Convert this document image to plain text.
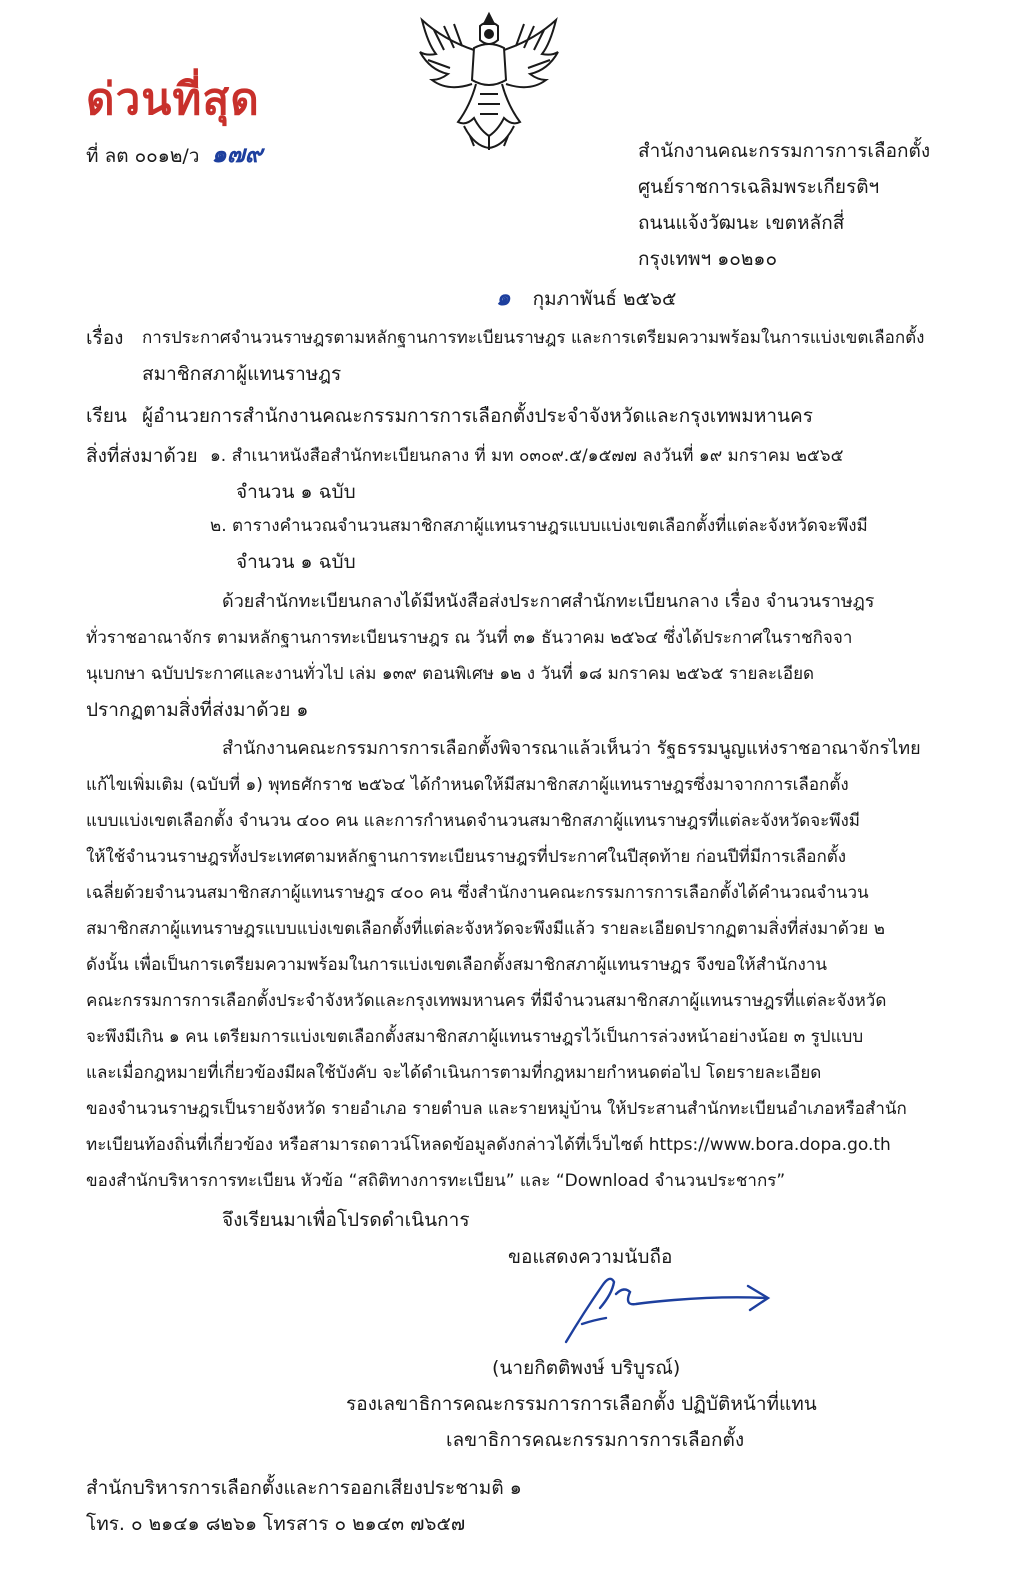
ด่วนที่สุด
ที่ ลต ๐๐๑๒/ว ๑๗๙	สำนักงานคณะกรรมการการเลือกตั้ง
ศูนย์ราชการเฉลิมพระเกียรติฯ
ถนนแจ้งวัฒนะ เขตหลักสี่
กรุงเทพฯ ๑๐๒๑๐
๑ กุมภาพันธ์ ๒๕๖๕
เรื่อง การประกาศจำนวนราษฎรตามหลักฐานการทะเบียนราษฎร และการเตรียมความพร้อมในการแบ่งเขตเลือกตั้ง
สมาชิกสภาผู้แทนราษฎร
เรียน ผู้อำนวยการสำนักงานคณะกรรมการการเลือกตั้งประจำจังหวัดและกรุงเทพมหานคร
สิ่งที่ส่งมาด้วย ๑. สำเนาหนังสือสำนักทะเบียนกลาง ที่ มท ๐๓๐๙.๕/๑๕๗๗ ลงวันที่ ๑๙ มกราคม ๒๕๖๕
จำนวน ๑ ฉบับ
๒. ตารางคำนวณจำนวนสมาชิกสภาผู้แทนราษฎรแบบแบ่งเขตเลือกตั้งที่แต่ละจังหวัดจะพึงมี
จำนวน ๑ ฉบับ
ด้วยสำนักทะเบียนกลางได้มีหนังสือส่งประกาศสำนักทะเบียนกลาง เรื่อง จำนวนราษฎร
ทั่วราชอาณาจักร ตามหลักฐานการทะเบียนราษฎร ณ วันที่ ๓๑ ธันวาคม ๒๕๖๔ ซึ่งได้ประกาศในราชกิจจา
นุเบกษา ฉบับประกาศและงานทั่วไป เล่ม ๑๓๙ ตอนพิเศษ ๑๒ ง วันที่ ๑๘ มกราคม ๒๕๖๕ รายละเอียด
ปรากฏตามสิ่งที่ส่งมาด้วย ๑
สำนักงานคณะกรรมการการเลือกตั้งพิจารณาแล้วเห็นว่า รัฐธรรมนูญแห่งราชอาณาจักรไทย
แก้ไขเพิ่มเติม (ฉบับที่ ๑) พุทธศักราช ๒๕๖๔ ได้กำหนดให้มีสมาชิกสภาผู้แทนราษฎรซึ่งมาจากการเลือกตั้ง
แบบแบ่งเขตเลือกตั้ง จำนวน ๔๐๐ คน และการกำหนดจำนวนสมาชิกสภาผู้แทนราษฎรที่แต่ละจังหวัดจะพึงมี
ให้ใช้จำนวนราษฎรทั้งประเทศตามหลักฐานการทะเบียนราษฎรที่ประกาศในปีสุดท้าย ก่อนปีที่มีการเลือกตั้ง
เฉลี่ยด้วยจำนวนสมาชิกสภาผู้แทนราษฎร ๔๐๐ คน ซึ่งสำนักงานคณะกรรมการการเลือกตั้งได้คำนวณจำนวน
สมาชิกสภาผู้แทนราษฎรแบบแบ่งเขตเลือกตั้งที่แต่ละจังหวัดจะพึงมีแล้ว รายละเอียดปรากฏตามสิ่งที่ส่งมาด้วย ๒
ดังนั้น เพื่อเป็นการเตรียมความพร้อมในการแบ่งเขตเลือกตั้งสมาชิกสภาผู้แทนราษฎร จึงขอให้สำนักงาน
คณะกรรมการการเลือกตั้งประจำจังหวัดและกรุงเทพมหานคร ที่มีจำนวนสมาชิกสภาผู้แทนราษฎรที่แต่ละจังหวัด
จะพึงมีเกิน ๑ คน เตรียมการแบ่งเขตเลือกตั้งสมาชิกสภาผู้แทนราษฎรไว้เป็นการล่วงหน้าอย่างน้อย ๓ รูปแบบ
และเมื่อกฎหมายที่เกี่ยวข้องมีผลใช้บังคับ จะได้ดำเนินการตามที่กฎหมายกำหนดต่อไป โดยรายละเอียด
ของจำนวนราษฎรเป็นรายจังหวัด รายอำเภอ รายตำบล และรายหมู่บ้าน ให้ประสานสำนักทะเบียนอำเภอหรือสำนัก
ทะเบียนท้องถิ่นที่เกี่ยวข้อง หรือสามารถดาวน์โหลดข้อมูลดังกล่าวได้ที่เว็บไซต์ https://www.bora.dopa.go.th
ของสำนักบริหารการทะเบียน หัวข้อ “สถิติทางการทะเบียน” และ “Download จำนวนประชากร”
จึงเรียนมาเพื่อโปรดดำเนินการ
ขอแสดงความนับถือ
(นายกิตติพงษ์ บริบูรณ์)
รองเลขาธิการคณะกรรมการการเลือกตั้ง ปฏิบัติหน้าที่แทน
เลขาธิการคณะกรรมการการเลือกตั้ง
สำนักบริหารการเลือกตั้งและการออกเสียงประชามติ ๑
โทร. ๐ ๒๑๔๑ ๘๒๖๑ โทรสาร ๐ ๒๑๔๓ ๗๖๕๗
